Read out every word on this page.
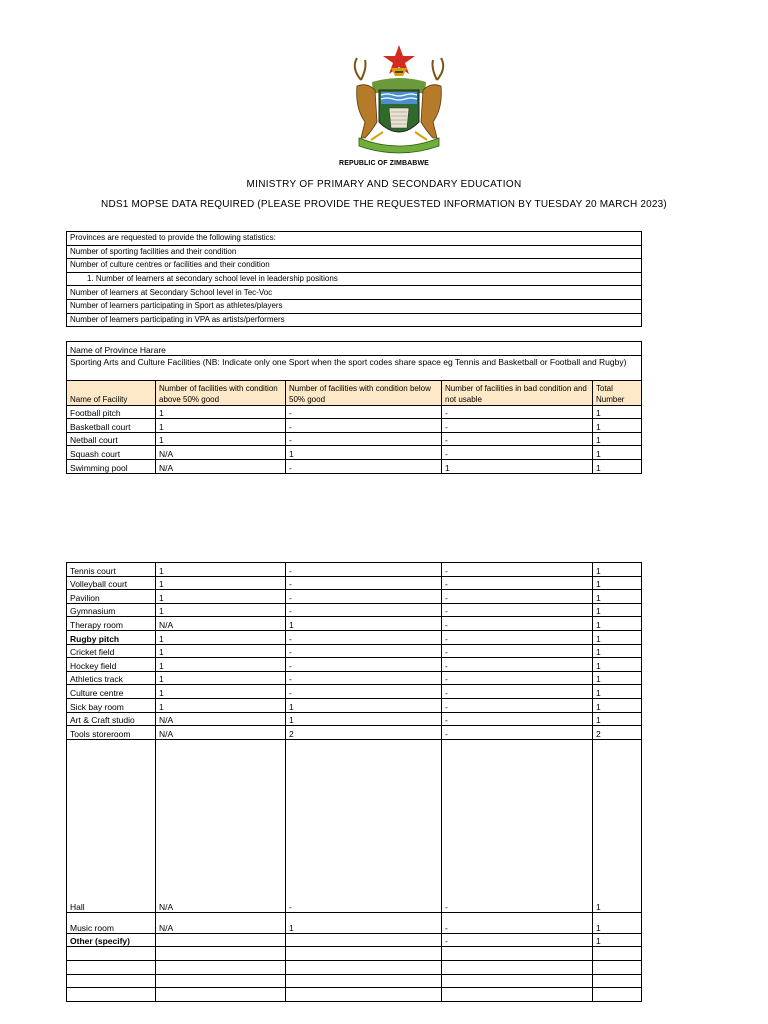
REPUBLIC OF ZIMBABWE
MINISTRY OF PRIMARY AND SECONDARY EDUCATION
NDS1 MOPSE DATA REQUIRED (PLEASE PROVIDE THE REQUESTED INFORMATION BY TUESDAY 20 MARCH 2023)
Provinces are requested to provide the following statistics:
Number of sporting facilities and their condition
Number of culture centres or facilities and their condition
1. Number of learners at secondary school level in leadership positions
Number of learners at Secondary School level in Tec-Voc
Number of learners participating in Sport as athletes/players
Number of learners participating in VPA as artists/performers
Name of Province Harare				
Sporting Arts and Culture Facilities (NB: Indicate only one Sport when the sport codes share space eg Tennis and Basketball or Football and Rugby)				
Name of Facility	Number of facilities with condition above 50% good	Number of facilities with condition below 50% good	Number of facilities in bad condition and not usable	Total Number
Football pitch	1	-	-	1
Basketball court	1	-	-	1
Netball court	1	-	-	1
Squash court	N/A	1	-	1
Swimming pool	N/A	-	1	1
Tennis court	1	-	-	1
Volleyball court	1	-	-	1
Pavilion	1	-	-	1
Gymnasium	1	-	-	1
Therapy room	N/A	1	-	1
Rugby pitch	1	-	-	1
Cricket field	1	-	-	1
Hockey field	1	-	-	1
Athletics track	1	-	-	1
Culture centre	1	-	-	1
Sick bay room	1	1	-	1
Art & Craft studio	N/A	1	-	1
Tools storeroom	N/A	2	-	2
Hall	N/A	-	-	1
Music room	N/A	1	-	1
Other (specify)			-	1
